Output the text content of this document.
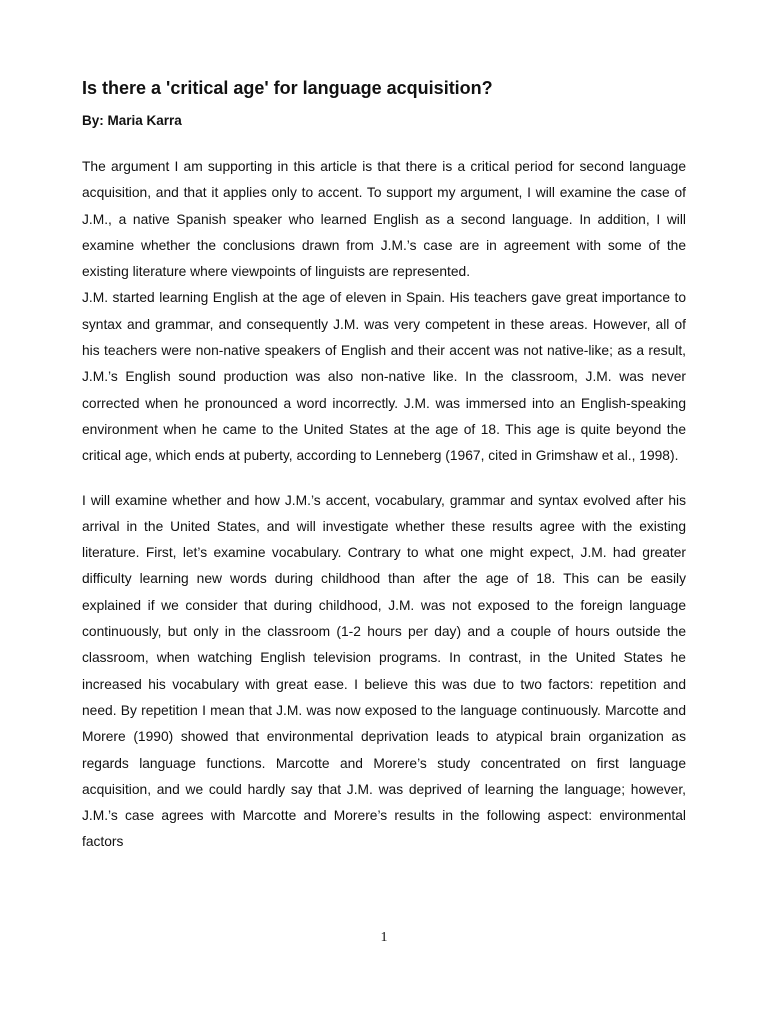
Is there a 'critical age' for language acquisition?

By: Maria Karra

The argument I am supporting in this article is that there is a critical period for second language acquisition, and that it applies only to accent. To support my argument, I will examine the case of J.M., a native Spanish speaker who learned English as a second language. In addition, I will examine whether the conclusions drawn from J.M.’s case are in agreement with some of the existing literature where viewpoints of linguists are represented.

J.M. started learning English at the age of eleven in Spain. His teachers gave great importance to syntax and grammar, and consequently J.M. was very competent in these areas. However, all of his teachers were non-native speakers of English and their accent was not native-like; as a result, J.M.’s English sound production was also non-native like. In the classroom, J.M. was never corrected when he pronounced a word incorrectly. J.M. was immersed into an English-speaking environment when he came to the United States at the age of 18. This age is quite beyond the critical age, which ends at puberty, according to Lenneberg (1967, cited in Grimshaw et al., 1998).

I will examine whether and how J.M.’s accent, vocabulary, grammar and syntax evolved after his arrival in the United States, and will investigate whether these results agree with the existing literature. First, let’s examine vocabulary. Contrary to what one might expect, J.M. had greater difficulty learning new words during childhood than after the age of 18. This can be easily explained if we consider that during childhood, J.M. was not exposed to the foreign language continuously, but only in the classroom (1-2 hours per day) and a couple of hours outside the classroom, when watching English television programs. In contrast, in the United States he increased his vocabulary with great ease. I believe this was due to two factors: repetition and need. By repetition I mean that J.M. was now exposed to the language continuously. Marcotte and Morere (1990) showed that environmental deprivation leads to atypical brain organization as regards language functions. Marcotte and Morere’s study concentrated on first language acquisition, and we could hardly say that J.M. was deprived of learning the language; however, J.M.’s case agrees with Marcotte and Morere’s results in the following aspect: environmental factors

1
